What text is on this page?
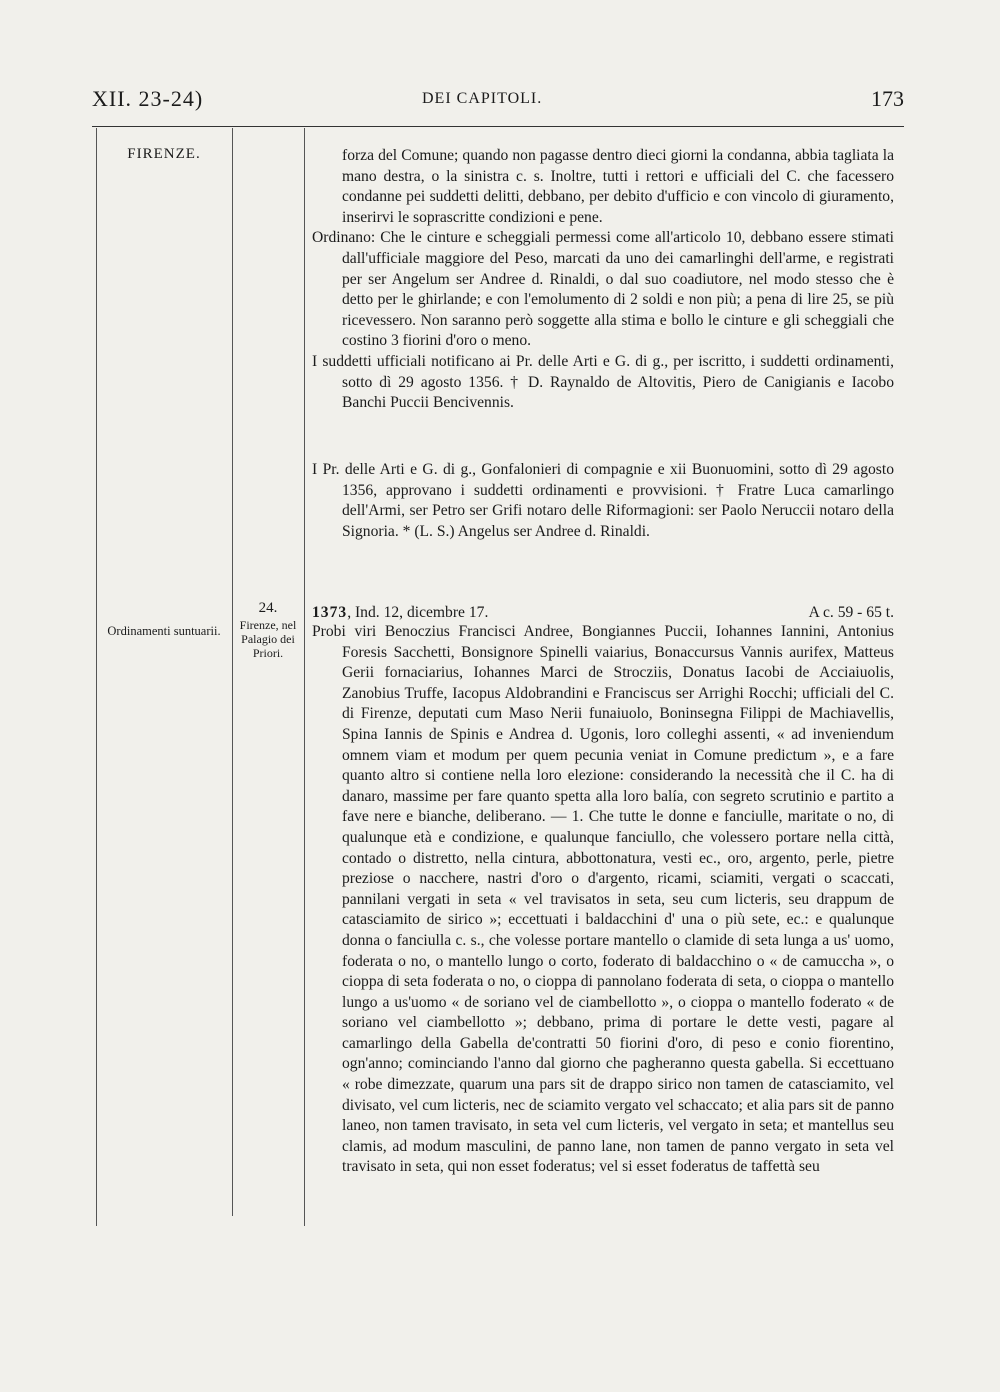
XII. 23-24)	DEI CAPITOLI.	173
FIRENZE.
24.
Ordinamenti suntuarii.	Firenze, nel Palagio dei Priori.

forza del Comune; quando non pagasse dentro dieci giorni la condanna, abbia tagliata la mano destra, o la sinistra c. s. Inoltre, tutti i rettori e ufficiali del C. che facessero condanne pei suddetti delitti, debbano, per debito d'ufficio e con vincolo di giuramento, inserirvi le soprascritte condizioni e pene.

Ordinano: Che le cinture e scheggiali permessi come all'articolo 10, debbano essere stimati dall'ufficiale maggiore del Peso, marcati da uno dei camarlinghi dell'arme, e registrati per ser Angelum ser Andree d. Rinaldi, o dal suo coadiutore, nel modo stesso che è detto per le ghirlande; e con l'emolumento di 2 soldi e non più; a pena di lire 25, se più ricevessero. Non saranno però soggette alla stima e bollo le cinture e gli scheggiali che costino 3 fiorini d'oro o meno.

I suddetti ufficiali notificano ai Pr. delle Arti e G. di g., per iscritto, i suddetti ordinamenti, sotto dì 29 agosto 1356. † D. Raynaldo de Altovitis, Piero de Canigianis e Iacobo Banchi Puccii Bencivennis.

I Pr. delle Arti e G. di g., Gonfalonieri di compagnie e xii Buonuomini, sotto dì 29 agosto 1356, approvano i suddetti ordinamenti e provvisioni. † Fratre Luca camarlingo dell'Armi, ser Petro ser Grifi notaro delle Riformagioni: ser Paolo Neruccii notaro della Signoria. * (L. S.) Angelus ser Andree d. Rinaldi.

1373, Ind. 12, dicembre 17.	A c. 59 - 65 t.

Probi viri Benoczius Francisci Andree, Bongiannes Puccii, Iohannes Iannini, Antonius Foresis Sacchetti, Bonsignore Spinelli vaiarius, Bonaccursus Vannis aurifex, Matteus Gerii fornaciarius, Iohannes Marci de Strocziis, Donatus Iacobi de Acciaiuolis, Zanobius Truffe, Iacopus Aldobrandini e Franciscus ser Arrighi Rocchi; ufficiali del C. di Firenze, deputati cum Maso Nerii funaiuolo, Boninsegna Filippi de Machiavellis, Spina Iannis de Spinis e Andrea d. Ugonis, loro colleghi assenti, « ad inveniendum omnem viam et modum per quem pecunia veniat in Comune predictum », e a fare quanto altro si contiene nella loro elezione: considerando la necessità che il C. ha di danaro, massime per fare quanto spetta alla loro balía, con segreto scrutinio e partito a fave nere e bianche, deliberano. — 1. Che tutte le donne e fanciulle, maritate o no, di qualunque età e condizione, e qualunque fanciullo, che volessero portare nella città, contado o distretto, nella cintura, abbottonatura, vesti ec., oro, argento, perle, pietre preziose o nacchere, nastri d'oro o d'argento, ricami, sciamiti, vergati o scaccati, pannilani vergati in seta « vel travisatos in seta, seu cum licteris, seu drappum de catasciamito de sirico »; eccettuati i baldacchini d' una o più sete, ec.: e qualunque donna o fanciulla c. s., che volesse portare mantello o clamide di seta lunga a us' uomo, foderata o no, o mantello lungo o corto, foderato di baldacchino o « de camuccha », o cioppa di seta foderata o no, o cioppa di pannolano foderata di seta, o cioppa o mantello lungo a us'uomo « de soriano vel de ciambellotto », o cioppa o mantello foderato « de soriano vel ciambellotto »; debbano, prima di portare le dette vesti, pagare al camarlingo della Gabella de'contratti 50 fiorini d'oro, di peso e conio fiorentino, ogn'anno; cominciando l'anno dal giorno che pagheranno questa gabella. Si eccettuano « robe dimezzate, quarum una pars sit de drappo sirico non tamen de catasciamito, vel divisato, vel cum licteris, nec de sciamito vergato vel schaccato; et alia pars sit de panno laneo, non tamen travisato, in seta vel cum licteris, vel vergato in seta; et mantellus seu clamis, ad modum masculini, de panno lane, non tamen de panno vergato in seta vel travisato in seta, qui non esset foderatus; vel si esset foderatus de taffettà seu
